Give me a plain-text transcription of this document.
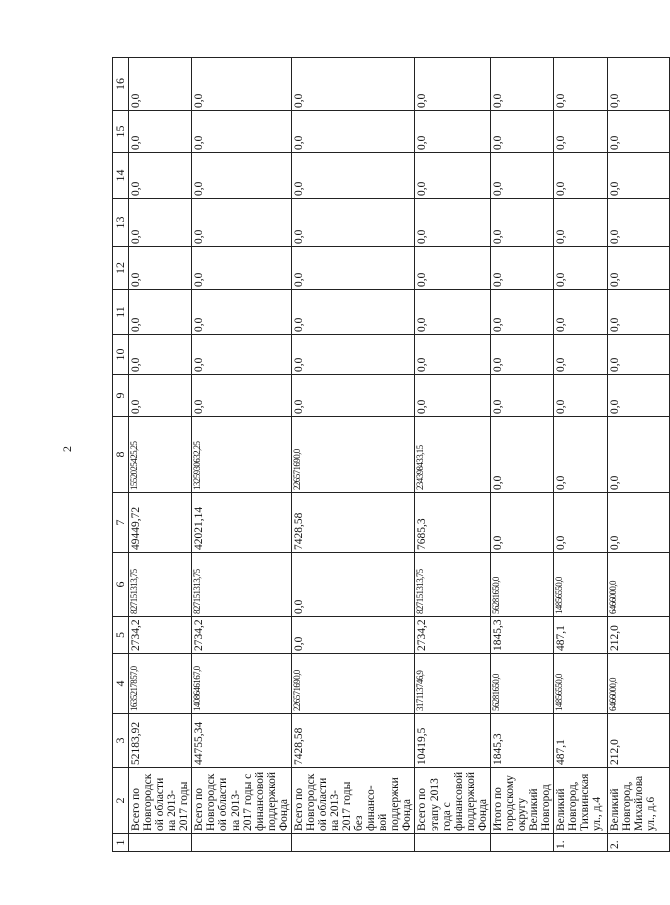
2
1	2	3	4	5	6	7	8	9	10	11	12	13	14	15	16
	Всего по Новгородской области на 2013-2017 годы	52183,92	1635217857,0	2734,2	827151313,75	49449,72	1552025425,25	0,0	0,0	0,0	0,0	0,0	0,0	0,0	0,0
	Всего по Новгородской области на 2013-2017 годы с финансовой поддержкой Фонда	44755,34	1408646167,0	2734,2	827151313,75	42021,14	1325930632,25	0,0	0,0	0,0	0,0	0,0	0,0	0,0	0,0
	Всего по Новгородской области на 2013-2017 годы без финансо-вой поддержки Фонда	7428,58	226571690,0	0,0	0,0	7428,58	226571690,0	0,0	0,0	0,0	0,0	0,0	0,0	0,0	0,0
	Всего по этапу 2013 года с финансовой поддержкой Фонда	10419,5	317113746,9	2734,2	827151313,75	7685,3	234398433,15	0,0	0,0	0,0	0,0	0,0	0,0	0,0	0,0
	Итого по городскому округу Великий Новгород	1845,3	56281650,0	1845,3	56281650,0	0,0	0,0	0,0	0,0	0,0	0,0	0,0	0,0	0,0	0,0
1.	Великий Новгород, Тихвинская ул., д.4	487,1	14856550,0	487,1	14856550,0	0,0	0,0	0,0	0,0	0,0	0,0	0,0	0,0	0,0	0,0
2.	Великий Новгород, Михайлова ул., д.6	212,0	6466000,0	212,0	6466000,0	0,0	0,0	0,0	0,0	0,0	0,0	0,0	0,0	0,0	0,0
